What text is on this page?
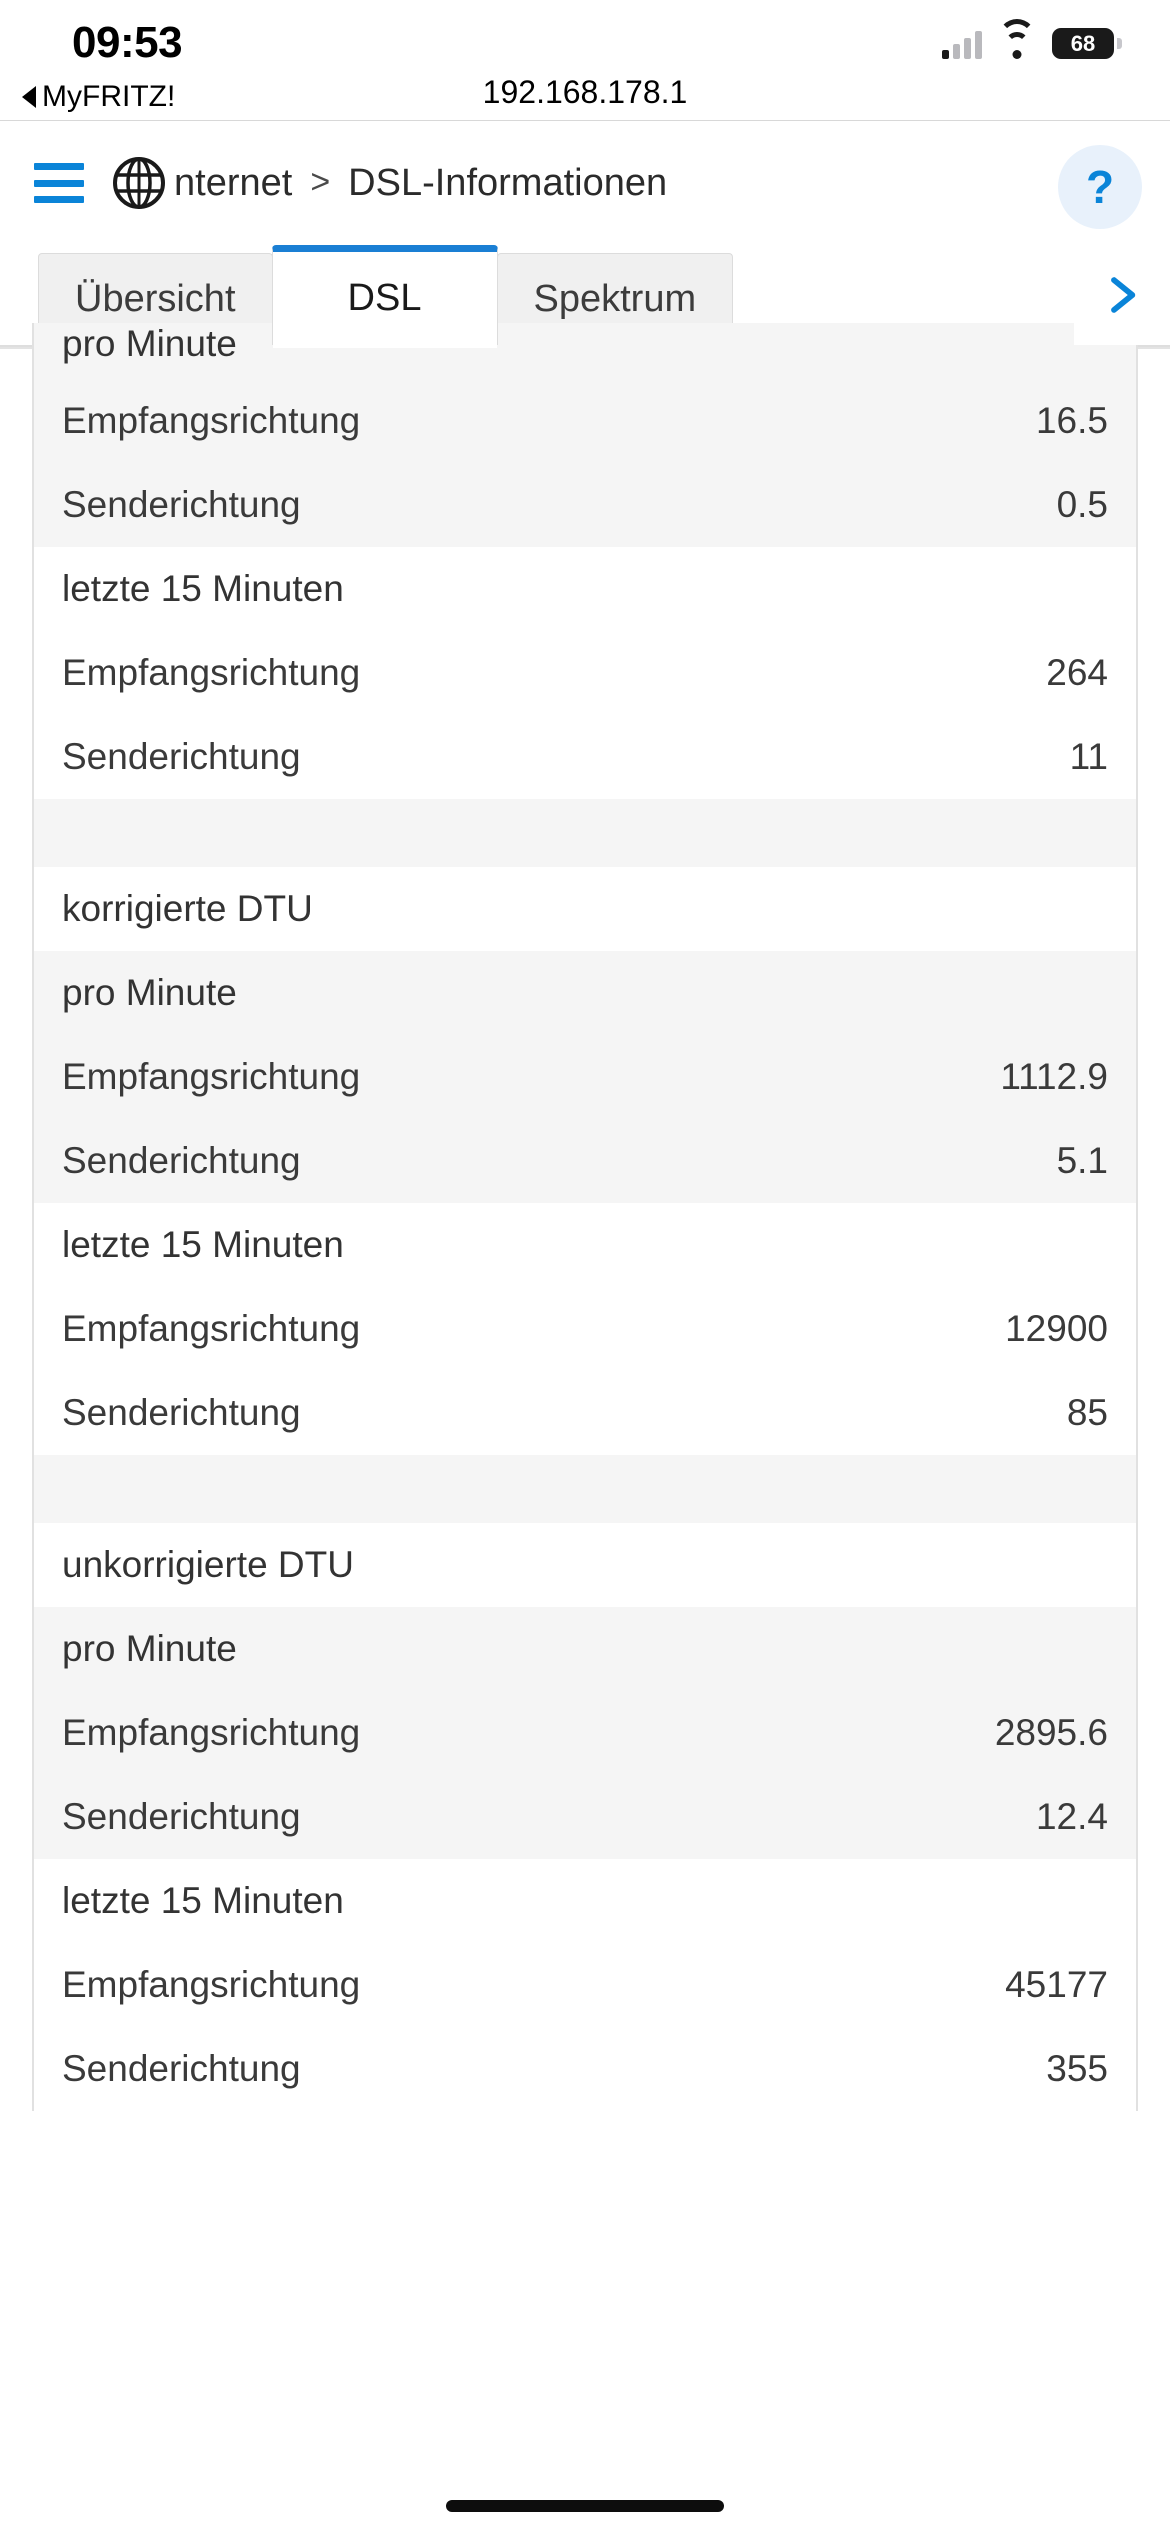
09:53
MyFRITZ!
68
192.168.178.1
nternet > DSL-Informationen	?
Übersicht	DSL	Spektrum
pro Minute
Empfangsrichtung	16.5
Senderichtung	0.5
letzte 15 Minuten
Empfangsrichtung	264
Senderichtung	11
korrigierte DTU
pro Minute
Empfangsrichtung	1112.9
Senderichtung	5.1
letzte 15 Minuten
Empfangsrichtung	12900
Senderichtung	85
unkorrigierte DTU
pro Minute
Empfangsrichtung	2895.6
Senderichtung	12.4
letzte 15 Minuten
Empfangsrichtung	45177
Senderichtung	355
